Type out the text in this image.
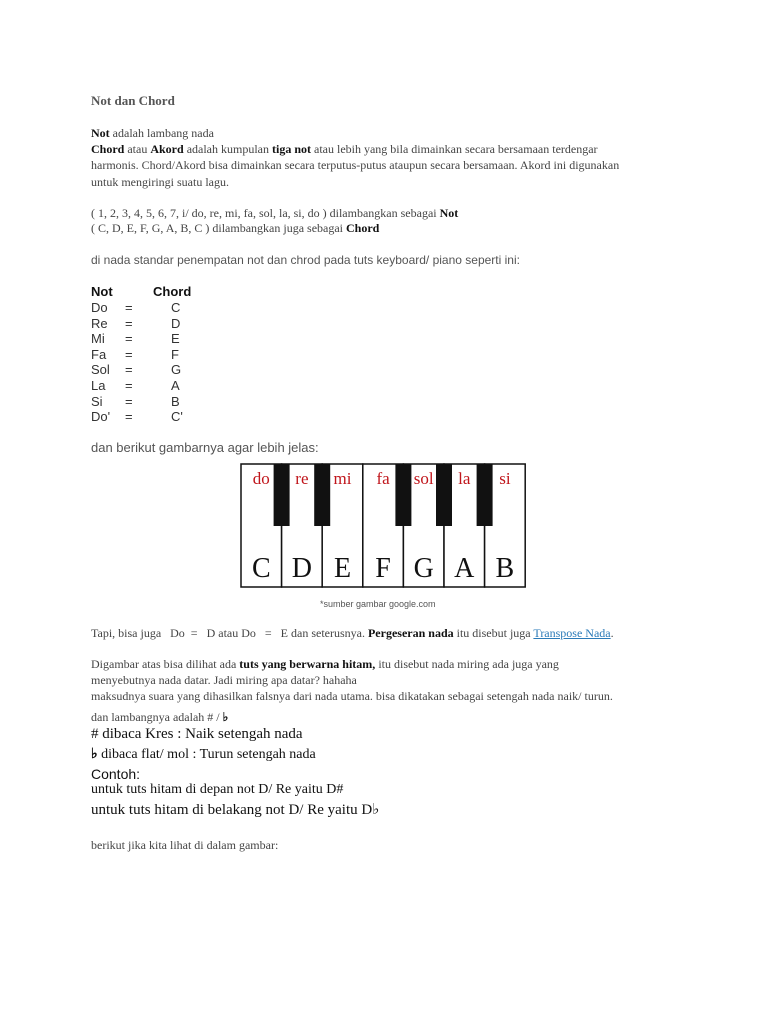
Not dan Chord
Not adalah lambang nada
Chord atau Akord adalah kumpulan tiga not atau lebih yang bila dimainkan secara bersamaan terdengar
harmonis. Chord/Akord bisa dimainkan secara terputus-putus ataupun secara bersamaan. Akord ini digunakan
untuk mengiringi suatu lagu.
( 1, 2, 3, 4, 5, 6, 7, i/ do, re, mi, fa, sol, la, si, do ) dilambangkan sebagai Not
( C, D, E, F, G, A, B, C ) dilambangkan juga sebagai Chord
di nada standar penempatan not dan chrod pada tuts keyboard/ piano seperti ini:
Not	Chord
Do =	C
Re =	D
Mi =	E
Fa =	F
Sol =	G
La =	A
Si =	B
Do' =	C'
dan berikut gambarnya agar lebih jelas:
do re mi fa sol la si
C D E F G A B
*sumber gambar google.com
Tapi, bisa juga   Do  =   D atau Do   =   E dan seterusnya. Pergeseran nada itu disebut juga Transpose Nada.
Digambar atas bisa dilihat ada tuts yang berwarna hitam, itu disebut nada miring ada juga yang
menyebutnya nada datar. Jadi miring apa datar? hahaha
maksudnya suara yang dihasilkan falsnya dari nada utama. bisa dikatakan sebagai setengah nada naik/ turun.
dan lambangnya adalah # / ♭
# dibaca Kres : Naik setengah nada
♭ dibaca flat/ mol : Turun setengah nada
Contoh:
untuk tuts hitam di depan not D/ Re yaitu D#
untuk tuts hitam di belakang not D/ Re yaitu D♭
berikut jika kita lihat di dalam gambar:
